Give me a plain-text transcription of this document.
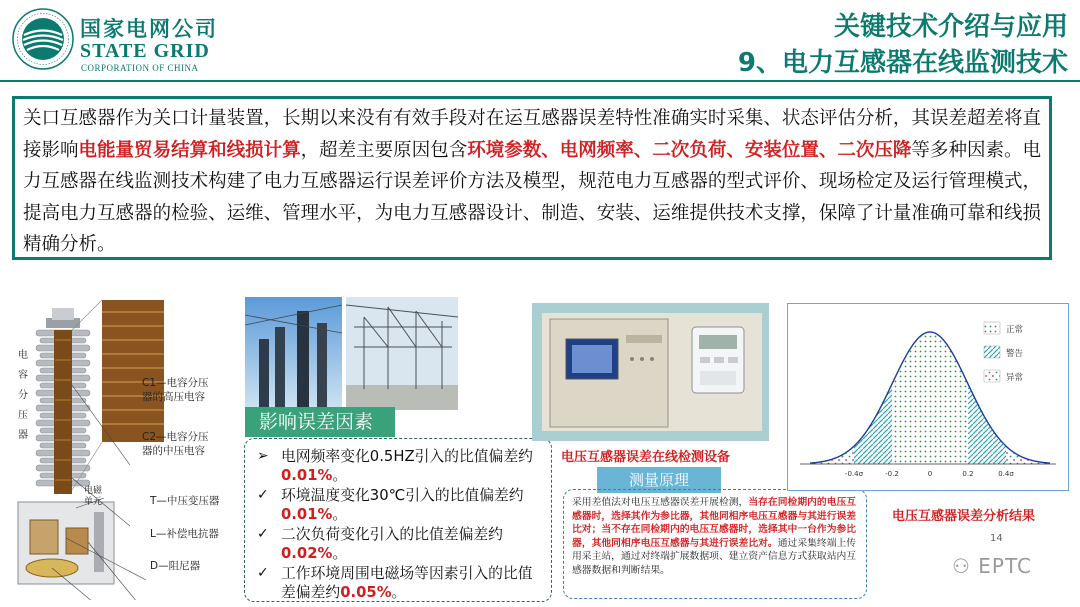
国家电网公司
STATE GRID
CORPORATION OF CHINA
关键技术介绍与应用
9、电力互感器在线监测技术
关口互感器作为关口计量装置，长期以来没有有效手段对在运互感器误差特性准确实时采集、状态评估分析，其误差超差将直接影响电能量贸易结算和线损计算，超差主要原因包含环境参数、电网频率、二次负荷、安装位置、二次压降等多种因素。电力互感器在线监测技术构建了电力互感器运行误差评价方法及模型，规范电力互感器的型式评价、现场检定及运行管理模式，提高电力互感器的检验、运维、管理水平，为电力互感器设计、制造、安装、运维提供技术支撑，保障了计量准确可靠和线损精确分析。
电 容 分 压 器
C1—电容分压器的高压电容
C2—电容分压器的中压电容
电磁单元	T—中压变压器
L—补偿电抗器
D—阻尼器
影响误差因素
➢ 电网频率变化0.5HZ引入的比值偏差约0.01%。
✓ 环境温度变化30℃引入的比值偏差约0.01%。
✓ 二次负荷变化引入的比值差偏差约0.02%。
✓ 工作环境周围电磁场等因素引入的比值差偏差约0.05%。
电压互感器误差在线检测设备
测量原理
采用差值法对电压互感器误差开展检测，当存在同检期内的电压互感器时，选择其作为参比器，其他同相序电压互感器与其进行误差比对；当不存在同检期内的电压互感器时，选择其中一台作为参比器，其他同相序电压互感器与其进行误差比对。通过采集终端上传用采主站，通过对终端扩展数据项、建立资产信息方式获取站内互感器数据和判断结果。
-0.4σ	-0.2	0	0.2	0.4σ
正常
警告
异常
电压互感器误差分析结果
14
⚇ EPTC
